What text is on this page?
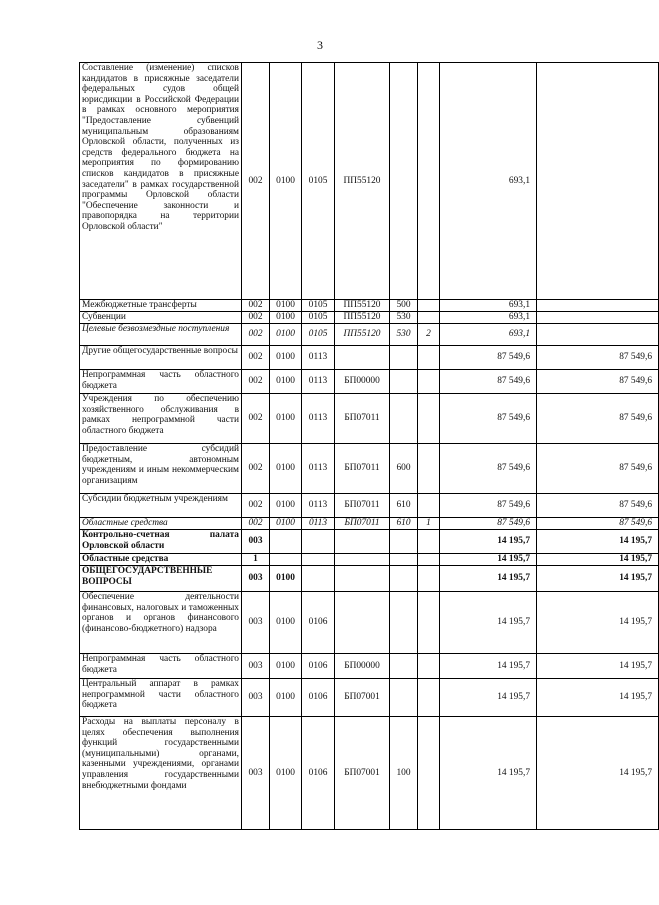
3
Составление (изменение) списков кандидатов в присяжные заседатели федеральных судов общей юрисдикции в Российской Федерации в рамках основного мероприятия "Предоставление субвенций муниципальным образованиям Орловской области, полученных из средств федерального бюджета на мероприятия по формированию списков кандидатов в присяжные заседатели" в рамках государственной программы Орловской области "Обеспечение законности и правопорядка на территории Орловской области"	002	0100	0105	ПП55120			693,1	
Межбюджетные трансферты	002	0100	0105	ПП55120	500		693,1	
Субвенции	002	0100	0105	ПП55120	530		693,1	
Целевые безвозмездные поступления	002	0100	0105	ПП55120	530	2	693,1	
Другие общегосударственные вопросы	002	0100	0113				87 549,6	87 549,6
Непрограммная часть областного бюджета	002	0100	0113	БП00000			87 549,6	87 549,6
Учреждения по обеспечению хозяйственного обслуживания в рамках непрограммной части областного бюджета	002	0100	0113	БП07011			87 549,6	87 549,6
Предоставление субсидий бюджетным, автономным учреждениям и иным некоммерческим организациям	002	0100	0113	БП07011	600		87 549,6	87 549,6
Субсидии бюджетным учреждениям	002	0100	0113	БП07011	610		87 549,6	87 549,6
Областные средства	002	0100	0113	БП07011	610	1	87 549,6	87 549,6
Контрольно-счетная палата Орловской области	003						14 195,7	14 195,7
Областные средства	1						14 195,7	14 195,7
ОБЩЕГОСУДАРСТВЕННЫЕ ВОПРОСЫ	003	0100					14 195,7	14 195,7
Обеспечение деятельности финансовых, налоговых и таможенных органов и органов финансового (финансово-бюджетного) надзора	003	0100	0106				14 195,7	14 195,7
Непрограммная часть областного бюджета	003	0100	0106	БП00000			14 195,7	14 195,7
Центральный аппарат в рамках непрограммной части областного бюджета	003	0100	0106	БП07001			14 195,7	14 195,7
Расходы на выплаты персоналу в целях обеспечения выполнения функций государственными (муниципальными) органами, казенными учреждениями, органами управления государственными внебюджетными фондами	003	0100	0106	БП07001	100		14 195,7	14 195,7
